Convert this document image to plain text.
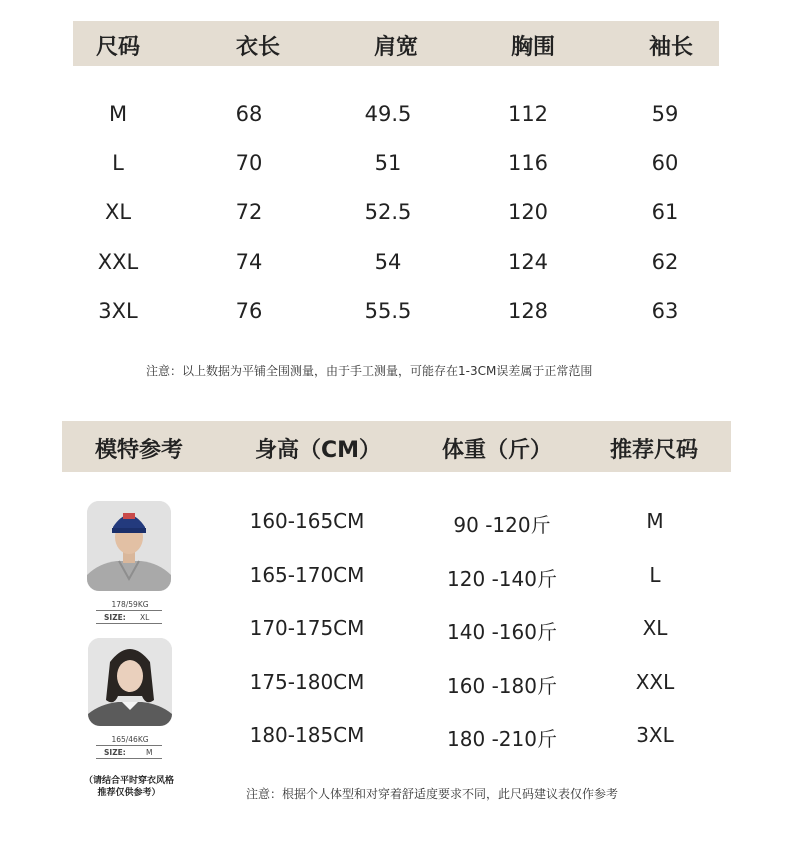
尺码	衣长	肩宽	胸围	袖长
M	68	49.5	112	59
L	70	51	116	60
XL	72	52.5	120	61
XXL	74	54	124	62
3XL	76	55.5	128	63
注意：以上数据为平铺全围测量，由于手工测量，可能存在1-3CM误差属于正常范围
模特参考	身高（CM）	体重（斤）	推荐尺码
160-165CM	90 -120斤	M
165-170CM	120 -140斤	L
170-175CM	140 -160斤	XL
175-180CM	160 -180斤	XXL
180-185CM	180 -210斤	3XL
178/59KG
SIZE: XL
165/46KG
SIZE:	M
（请结合平时穿衣风格
推荐仅供参考）	注意：根据个人体型和对穿着舒适度要求不同，此尺码建议表仅作参考
